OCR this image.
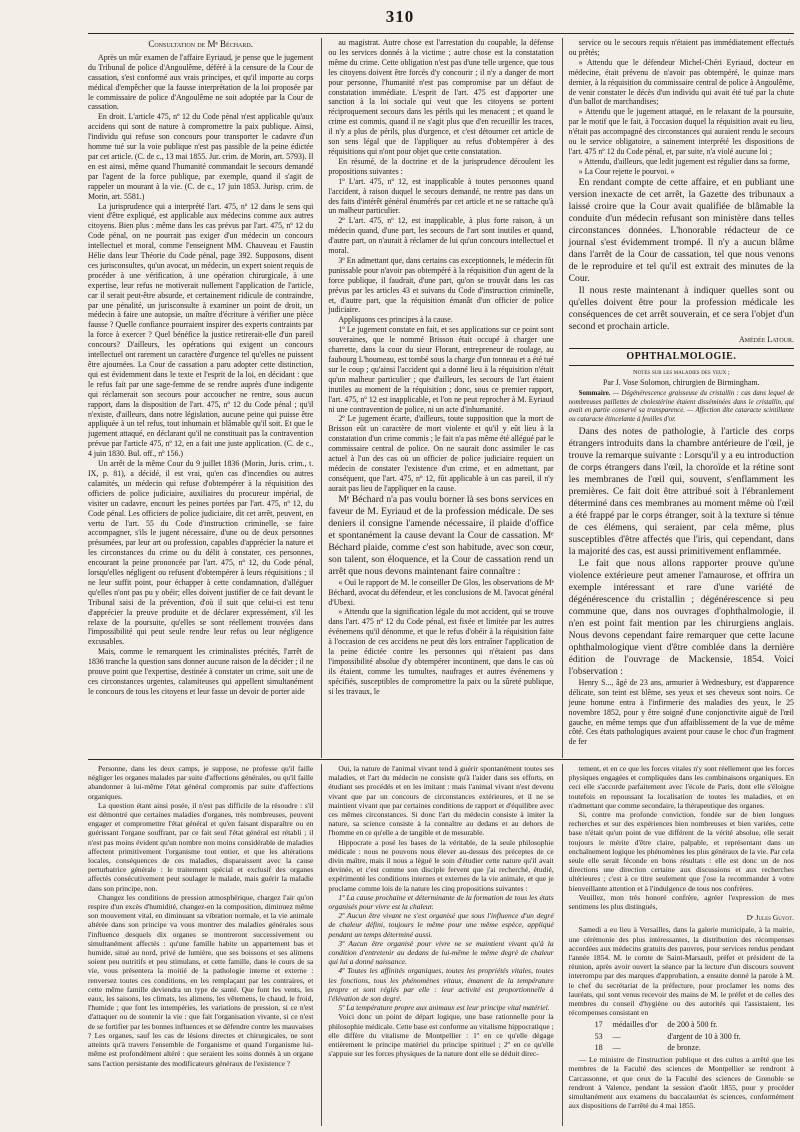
310

Consultation de Mᵉ Béchard.

Après un mûr examen de l'affaire Eyriaud, je pense que le jugement du Tribunal de police d'Angoulême, déféré à la censure de la Cour de cassation, s'est conformé aux vrais principes, et qu'il importe au corps médical d'empêcher que la fausse interprétation de la loi proposée par le commissaire de police d'Angoulême ne soit adoptée par la Cour de cassation.

En droit. L'article 475, nº 12 du Code pénal n'est applicable qu'aux accidens qui sont de nature à compromettre la paix publique. Ainsi, l'individu qui refuse son concours pour transporter le cadavre d'un homme tué sur la voie publique n'est pas passible de la peine édictée par cet article. (C. de c., 13 mai 1855. Jur. crim. de Morin, art. 5793). Il en est ainsi, même quand l'humanité commandait le secours demandé par l'agent de la force publique, par exemple, quand il s'agit de rappeler un mourant à la vie. (C. de c., 17 juin 1853. Jurisp. crim. de Morin, art. 5581.)

La jurisprudence qui a interprété l'art. 475, nº 12 dans le sens qui vient d'être expliqué, est applicable aux médecins comme aux autres citoyens. Bien plus : même dans les cas prévus par l'art. 475, nº 12 du Code pénal, on ne pourrait pas exiger d'un médecin un concours intellectuel et moral, comme l'enseignent MM. Chauveau et Faustin Hélie dans leur Théorie du Code pénal, page 392. Supposons, disent ces jurisconsultes, qu'un avocat, un médecin, un expert soient requis de procéder à une vérification, à une opération chirurgicale, à une expertise, leur refus ne motiverait nullement l'application de l'article, car il serait peut-être absurde, et certainement ridicule de contraindre, par une pénalité, un jurisconsulte à examiner un point de droit, un médecin à faire une autopsie, un maître d'écriture à vérifier une pièce fausse ? Quelle confiance pourraient inspirer des experts contraints par la force à exercer ? Quel bénéfice la justice retirerait-elle d'un pareil concours? D'ailleurs, les opérations qui exigent un concours intellectuel ont rarement un caractère d'urgence tel qu'elles ne puissent être ajournées. La Cour de cassation a paru adopter cette distinction, qui est évidemment dans le texte et l'esprit de la loi, en décidant : que le refus fait par une sage-femme de se rendre auprès d'une indigente qui réclamerait son secours pour accoucher ne rentre, sous aucun rapport, dans la disposition de l'art. 475, nº 12 du Code pénal ; qu'il n'existe, d'ailleurs, dans notre législation, aucune peine qui puisse être appliquée à un tel refus, tout inhumain et blâmable qu'il soit. Et que le jugement attaqué, en déclarant qu'il ne constituait pas la contravention prévue par l'article 475, nº 12, en a fait une juste application. (C. de c., 4 juin 1830. Bul. off., nº 156.)

Un arrêt de la même Cour du 9 juillet 1836 (Morin, Juris. crim., t. IX, p. 81), a décidé, il est vrai, qu'en cas d'incendies ou autres calamités, un médecin qui refuse d'obtempérer à la réquisition des officiers de police judiciaire, auxiliaires du procureur impérial, de visiter un cadavre, encourt les peines portées par l'art. 475, nº 12, du Code pénal. Les officiers de police judiciaire, dit cet arrêt, peuvent, en vertu de l'art. 55 du Code d'instruction criminelle, se faire accompagner, s'ils le jugent nécessaire, d'une ou de deux personnes présumées, par leur art ou profession, capables d'apprécier la nature et les circonstances du crime ou du délit à constater, ces personnes, encourant la peine prononcée par l'art. 475, nº 12, du Code pénal, lorsqu'elles négligent ou refusent d'obtempérer à leurs réquisitions ; il ne leur suffit point, pour échapper à cette condamnation, d'alléguer qu'elles n'ont pas pu y obéir; elles doivent justifier de ce fait devant le Tribunal saisi de la prévention, d'où il suit que celui-ci est tenu d'apprécier la preuve produite et de déclarer expressément, s'il les relaxe de la poursuite, qu'elles se sont réellement trouvées dans l'impossibilité qui peut seule rendre leur refus ou leur négligence excusables.

Mais, comme le remarquent les criminalistes précités, l'arrêt de 1836 tranche la question sans donner aucune raison de la décider ; il ne prouve point que l'expertise, destinée à constater un crime, soit une de ces circonstances urgentes, calamiteuses qui appellent simultanément le concours de tous les citoyens et leur fasse un devoir de porter aide

au magistrat. Autre chose est l'arrestation du coupable, la défense ou les services donnés à la victime ; autre chose est la constatation même du crime. Cette obligation n'est pas d'une telle urgence, que tous les citoyens doivent être forcés d'y concourir ; il n'y a danger de mort pour personne, l'humanité n'est pas compromise par un défaut de constatation immédiate. L'esprit de l'art. 475 est d'apporter une sanction à la loi sociale qui veut que les citoyens se portent réciproquement secours dans les périls qui les menacent ; et quand le crime est commis, quand il ne s'agit plus que d'en recueillir les traces, il n'y a plus de périls, plus d'urgence, et c'est détourner cet article de son sens légal que de l'appliquer au refus d'obtempérer à des réquisitions qui n'ont pour objet que cette constatation.

En résumé, de la doctrine et de la jurisprudence découlent les propositions suivantes :

1º L'art. 475, nº 12, est inapplicable à toutes personnes quand l'accident, à raison duquel le secours demandé, ne rentre pas dans un des faits d'intérêt général énumérés par cet article et ne se rattache qu'à un malheur particulier.

2º L'art. 475, nº 12, est inapplicable, à plus forte raison, à un médecin quand, d'une part, les secours de l'art sont inutiles et quand, d'autre part, on n'aurait à réclamer de lui qu'un concours intellectuel et moral.

3º En admettant que, dans certains cas exceptionnels, le médecin fût punissable pour n'avoir pas obtempéré à la réquisition d'un agent de la force publique, il faudrait, d'une part, qu'on se trouvât dans les cas prévus par les articles 43 et suivans du Code d'instruction criminelle, et, d'autre part, que la réquisition émanât d'un officier de police judiciaire.

Appliquons ces principes à la cause.

1º Le jugement constate en fait, et ses applications sur ce point sont souveraines, que le nommé Brisson était occupé à charger une charrette, dans la cour du sieur Florant, entrepreneur de roulage, au faubourg L'houmeau, est tombé sous la charge d'un tonneau et a été tué sur le coup ; qu'ainsi l'accident qui a donné lieu à la réquisition n'était qu'un malheur particulier ; que d'ailleurs, les secours de l'art étaient inutiles au moment de la réquisition ; donc, sous ce premier rapport, l'art. 475, nº 12 est inapplicable, et l'on ne peut reprocher à M. Eyriaud ni une contravention de police, ni un acte d'inhumanité.

2º Le jugement écarte, d'ailleurs, toute supposition que la mort de Brisson eût un caractère de mort violente et qu'il y eût lieu à la constatation d'un crime commis ; le fait n'a pas même été allégué par le commissaire central de police. On ne saurait donc assimiler le cas actuel à l'un des cas où un officier de police judiciaire requiert un médecin de constater l'existence d'un crime, et en admettant, par conséquent, que l'art. 475, nº 12, fût applicable à un cas pareil, il n'y aurait pas lieu de l'appliquer en la cause.

Mᵉ Béchard n'a pas voulu borner là ses bons services en faveur de M. Eyriaud et de la profession médicale. De ses deniers il consigne l'amende nécessaire, il plaide d'office et spontanément la cause devant la Cour de cassation. Mᵉ Béchard plaide, comme c'est son habitude, avec son cœur, son talent, son éloquence, et la Cour de cassation rend un arrêt que nous devons maintenant faire connaître :

« Ouï le rapport de M. le conseiller De Glos, les observations de Mᵉ Béchard, avocat du défendeur, et les conclusions de M. l'avocat général d'Ubexi.

» Attendu que la signification légale du mot accident, qui se trouve dans l'art. 475 nº 12 du Code pénal, est fixée et limitée par les autres événemens qu'il dénomme, et que le refus d'obéir à la réquisition faite à l'occasion de ces accidens ne peut dès lors entraîner l'application de la peine édictée contre les personnes qui n'étaient pas dans l'impossibilité absolue d'y obtempérer incontinent, que dans le cas où ils étaient, comme les tumultes, naufrages et autres événemens y spécifiés, susceptibles de compromettre la paix ou la sûreté publique, si les travaux, le

service ou le secours requis n'étaient pas immédiatement effectués ou prêtés;

» Attendu que le défendeur Michel-Chéri Eyriaud, docteur en médecine, était prévenu de n'avoir pas obtempéré, le quinze mars dernier, à la réquisition du commissaire central de police à Angoulême, de venir constater le décès d'un individu qui avait été tué par la chute d'un ballot de marchandises;

» Attendu que le jugement attaqué, en le relaxant de la poursuite, par le motif que le fait, à l'occasion duquel la réquisition avait eu lieu, n'était pas accompagné des circonstances qui auraient rendu le secours ou le service obligatoire, a sainement interprété les dispositions de l'art. 475 nº 12 du Code pénal, et, par suite, n'a violé aucune loi ;

» Attendu, d'ailleurs, que ledit jugement est régulier dans sa forme,

» La Cour rejette le pourvoi. »

En rendant compte de cette affaire, et en publiant une version inexacte de cet arrêt, la Gazette des tribunaux a laissé croire que la Cour avait qualifiée de blâmable la conduite d'un médecin refusant son ministère dans telles circonstances données. L'honorable rédacteur de ce journal s'est évidemment trompé. Il n'y a aucun blâme dans l'arrêt de la Cour de cassation, tel que nous venons de le reproduire et tel qu'il est extrait des minutes de la Cour.

Il nous reste maintenant à indiquer quelles sont ou qu'elles doivent être pour la profession médicale les conséquences de cet arrêt souverain, et ce sera l'objet d'un second et prochain article.

Amédée Latour.

OPHTHALMOLOGIE.

Notes sur les maladies des yeux ;

Par J. Vose Solomon, chirurgien de Birmingham.

Sommaire. — Dégénérescence graisseuse du cristallin : cas dans lequel de nombreuses paillettes de cholestérine étaient disséminées dans le cristallin, qui avait en partie conservé sa transparence. — Affection dite cataracte scintillante ou cataracte étincelante à feuilles d'or.

Dans des notes de pathologie, à l'article des corps étrangers introduits dans la chambre antérieure de l'œil, je trouve la remarque suivante : Lorsqu'il y a eu introduction de corps étrangers dans l'œil, la choroïde et la rétine sont les membranes de l'œil qui, souvent, s'enflamment les premières. Ce fait doit être attribué soit à l'ébranlement déterminé dans ces membranes au moment même où l'œil a été frappé par le corps étranger, soit à la texture si ténue de ces élémens, qui seraient, par cela même, plus susceptibles d'être affectés que l'iris, qui cependant, dans la majorité des cas, est aussi primitivement enflammée.

Le fait que nous allons rapporter prouve qu'une violence extérieure peut amener l'amaurose, et offrira un exemple intéressant et rare d'une variété de dégénérescence du cristallin ; dégénérescence si peu commune que, dans nos ouvrages d'ophthalmologie, il n'en est point fait mention par les chirurgiens anglais. Nous devons cependant faire remarquer que cette lacune ophthalmologique vient d'être comblée dans la dernière édition de l'ouvrage de Mackensie, 1854. Voici l'observation :

Henry S..., âgé de 23 ans, armurier à Wednesbury, est d'apparence délicate, son teint est blême, ses yeux et ses cheveux sont noirs. Ce jeune homme entra à l'infirmerie des maladies des yeux, le 25 novembre 1852, pour y être soigné d'une conjonctivite aiguë de l'œil gauche, en même temps que d'un affaiblissement de la vue de même côté. Ces états pathologiques avaient pour cause le choc d'un fragment de fer

Personne, dans les deux camps, je suppose, ne professe qu'il faille négliger les organes malades par suite d'affections générales, ou qu'il faille abandonner à lui-même l'état général compromis par suite d'affections organiques.

La question étant ainsi posée, il n'est pas difficile de la résoudre : s'il est démontré que certaines maladies d'organes, très nombreuses, peuvent engager et compromettre l'état général et qu'en faisant disparaître ou en guérissant l'organe souffrant, par ce fait seul l'état général est rétabli ; il n'est pas moins évident qu'un nombre non moins considérable de maladies affectent primitivement l'organisme tout entier, et que les altérations locales, conséquences de ces maladies, disparaissent avec la cause perturbatrice générale : le traitement spécial et exclusif des organes affectés consécutivement peut soulager le malade, mais guérir la maladie dans son principe, non.

Changez les conditions de pression atmosphérique, chargez l'air qu'on respire d'un excès d'humidité, changez-en la composition, diminuez même son mouvement vital, en diminuant sa vibration normale, et la vie animale altérée dans son principe va vous montrer des maladies générales sous l'influence desquels dix organes se montreront successivement ou simultanément affectés : qu'une famille habite un appartement bas et humide, situé au nord, privé de lumière, que ses boissons et ses alimens soient peu nutritifs et peu stimulans, et cette famille, dans le cours de sa vie, vous présentera la moitié de la pathologie interne et externe : renversez toutes ces conditions, en les remplaçant par les contraires, et cette même famille deviendra un type de santé. Que font les vents, les eaux, les saisons, les climats, les alimens, les vêtemens, le chaud, le froid, l'humide ; que font les intempéries, les variations de pression, si ce n'est d'attaquer ou de soutenir la vie : que fait l'organisation vivante, si ce n'est de se fortifier par les bonnes influences et se défendre contre les mauvaises ? Les organes, sauf les cas de lésions directes et chirurgicales, ne sont atteints qu'à travers l'ensemble de l'organisme et quand l'organisme lui-même est profondément altéré : que seraient les soins donnés à un organe sans l'action persistante des modificateurs généraux de l'existence ?

Oui, la nature de l'animal vivant tend à guérir spontanément toutes ses maladies, et l'art du médecin ne consiste qu'à l'aider dans ses efforts, en étudiant ses procédés et en les imitant : mais l'animal vivant n'est devenu vivant que par un concours de circonstances extérieures, et il ne se maintient vivant que par certaines conditions de rapport et d'équilibre avec ces mêmes circonstances. Si donc l'art du médecin consiste à imiter la nature, sa science consiste à la connaître au dedans et au dehors de l'homme en ce qu'elle a de tangible et de mesurable.

Hippocrate a posé les bases de la véritable, de la seule philosophie médicale : nous ne pouvons nous élever au-dessus des préceptes de ce divin maître, mais il nous a légué le soin d'étudier cette nature qu'il avait devinée, et c'est comme son disciple fervent que j'ai recherché, étudié, expérimenté les conditions internes et externes de la vie animale, et que je proclame comme lois de la nature les cinq propositions suivantes :

1º La cause prochaine et déterminante de la formation de tous les états organisés pour vivre est la chaleur.

2º Aucun être vivant ne s'est organisé que sous l'influence d'un degré de chaleur défini, toujours le même pour une même espèce, appliqué pendant un temps déterminé aussi.

3º Aucun être organisé pour vivre ne se maintient vivant qu'à la condition d'entretenir au dedans de lui-même le même degré de chaleur qui lui a donné naissance.

4º Toutes les affinités organiques, toutes les propriétés vitales, toutes les fonctions, tous les phénomènes vitaux, émanent de la température propre et sont réglés par elle : leur activité est proportionnelle à l'élévation de son degré.

5º La température propre aux animaux est leur principe vital matériel.

Voici donc un point de départ logique, une base rationnelle pour la philosophie médicale. Cette base est conforme au vitalisme hippocratique ; elle diffère du vitalisme de Montpellier : 1º en ce qu'elle dégage entièrement le principe matériel du principe spirituel ; 2º en ce qu'elle s'appuie sur les forces physiques de la nature dont elle se déduit direc-

tement, et en ce que les forces vitales n'y sont réellement que les forces physiques engagées et compliquées dans les combinaisons organiques. En ceci elle s'accorde parfaitement avec l'école de Paris, dont elle s'éloigne toutefois en repoussant la localisation de toutes les maladies, et en n'admettant que comme secondaire, la thérapeutique des organes.

Si, contre ma profonde conviction, fondée sur de bien longues recherches et sur des expériences bien nombreuses et bien variées, cette base n'était qu'un point de vue différent de la vérité absolue, elle serait toujours le mérite d'être claire, palpable, et représentant dans un enchaînement logique les phénomènes les plus généraux de la vie. Par cela seule elle serait féconde en bons résultats : elle est donc un de nos directions une direction certaine aux discussions et aux recherches ultérieures ; c'est à ce titre seulement que j'ose la recommander à votre bienveillante attention et à l'indulgence de tous nos confrères.

Veuillez, mon très honoré confrère, agréer l'expression de mes sentimens les plus distingués,

Dʳ Jules Guyot.

Samedi a eu lieu à Versailles, dans la galerie municipale, à la mairie, une cérémonie des plus intéressantes, la distribution des récompenses accordées aux médecins gratuits des pauvres, pour services rendus pendant l'année 1854. M. le comte de Saint-Marsault, préfet et président de la réunion, après avoir ouvert la séance par la lecture d'un discours souvent interrompu par des marques d'approbation, a ensuite donné la parole à M. le chef du secrétariat de la préfecture, pour proclamer les noms des lauréats, qui sont venus recevoir des mains de M. le préfet et de celles des membres du conseil d'hygiène ou des autorités qui l'assistaient, les récompenses consistant en

17	médailles d'or	de 200 à 500 fr.
53	—	d'argent de 10 à 300 fr.
18	—	de bronze.

— Le ministre de l'instruction publique et des cultes a arrêté que les membres de la Faculté des sciences de Montpellier se rendront à Carcassonne, et que ceux de la Faculté des sciences de Grenoble se rendront à Valence, pendant la session d'août 1855, pour y procéder simultanément aux examens du baccalauréat ès sciences, conformément aux dispositions de l'arrêté du 4 mai 1855.
